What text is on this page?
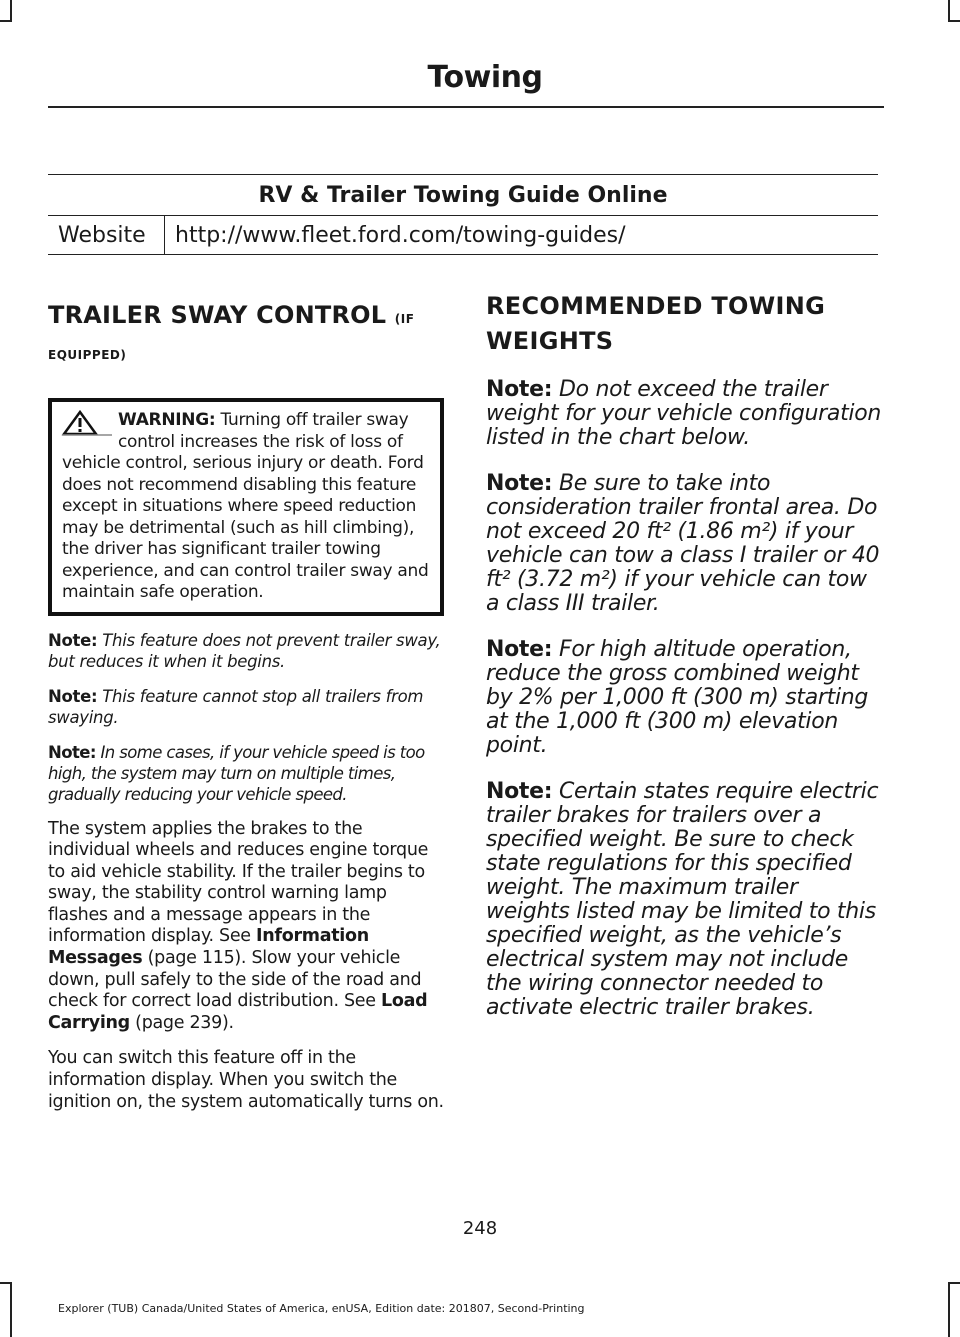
Towing
RV & Trailer Towing Guide Online
Website	http://www.fleet.ford.com/towing-guides/

TRAILER SWAY CONTROL (IF

EQUIPPED)
WARNING: Turning off trailer sway control increases the risk of loss of vehicle control, serious injury or death. Ford does not recommend disabling this feature except in situations where speed reduction may be detrimental (such as hill climbing), the driver has significant trailer towing experience, and can control trailer sway and maintain safe operation.

Note: This feature does not prevent trailer sway, but reduces it when it begins.

Note: This feature cannot stop all trailers from swaying.

Note: In some cases, if your vehicle speed is too high, the system may turn on multiple times, gradually reducing your vehicle speed.

The system applies the brakes to the individual wheels and reduces engine torque to aid vehicle stability. If the trailer begins to sway, the stability control warning lamp flashes and a message appears in the information display. See Information Messages (page 115). Slow your vehicle down, pull safely to the side of the road and check for correct load distribution. See Load Carrying (page 239).

You can switch this feature off in the information display. When you switch the ignition on, the system automatically turns on.

RECOMMENDED TOWING
WEIGHTS

Note: Do not exceed the trailer weight for your vehicle configuration listed in the chart below.

Note: Be sure to take into consideration trailer frontal area. Do not exceed 20 ft² (1.86 m²) if your vehicle can tow a class I trailer or 40 ft² (3.72 m²) if your vehicle can tow a class III trailer.

Note: For high altitude operation, reduce the gross combined weight by 2% per 1,000 ft (300 m) starting at the 1,000 ft (300 m) elevation point.

Note: Certain states require electric trailer brakes for trailers over a specified weight. Be sure to check state regulations for this specified weight. The maximum trailer weights listed may be limited to this specified weight, as the vehicle’s electrical system may not include the wiring connector needed to activate electric trailer brakes.

248
Explorer (TUB) Canada/United States of America, enUSA, Edition date: 201807, Second-Printing
